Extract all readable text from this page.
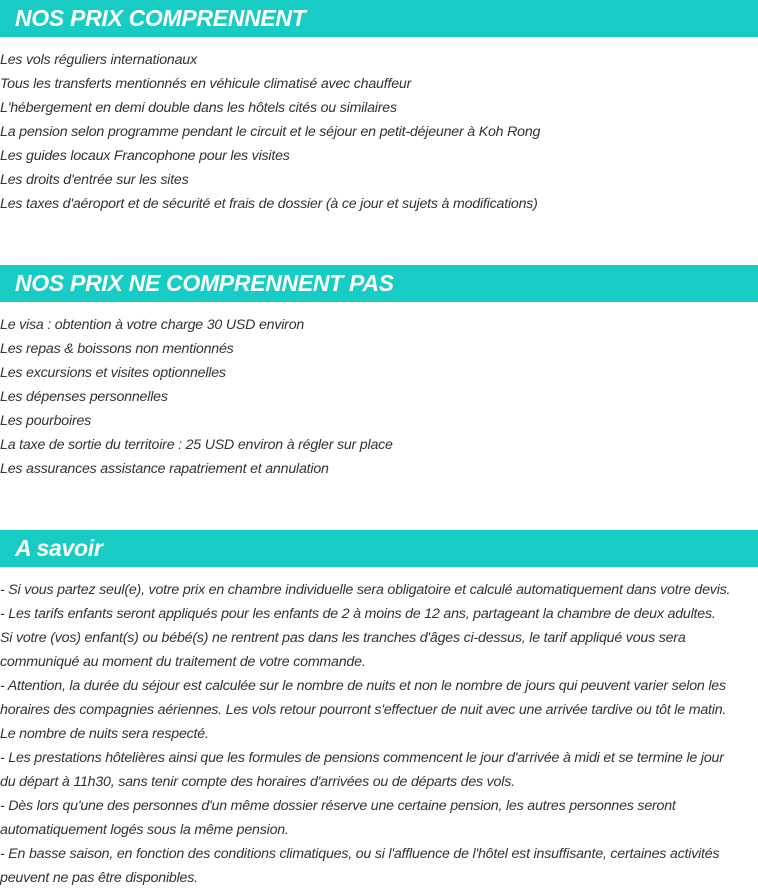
NOS PRIX COMPRENNENT
Les vols réguliers internationaux
Tous les transferts mentionnés en véhicule climatisé avec chauffeur
L'hébergement en demi double dans les hôtels cités ou similaires
La pension selon programme pendant le circuit et le séjour en petit-déjeuner à Koh Rong
Les guides locaux Francophone pour les visites
Les droits d'entrée sur les sites
Les taxes d'aéroport et de sécurité et frais de dossier (à ce jour et sujets à modifications)
NOS PRIX NE COMPRENNENT PAS
Le visa : obtention à votre charge 30 USD environ
Les repas & boissons non mentionnés
Les excursions et visites optionnelles
Les dépenses personnelles
Les pourboires
La taxe de sortie du territoire : 25 USD environ à régler sur place
Les assurances assistance rapatriement et annulation
A savoir

- Si vous partez seul(e), votre prix en chambre individuelle sera obligatoire et calculé automatiquement dans votre devis.

- Les tarifs enfants seront appliqués pour les enfants de 2 à moins de 12 ans, partageant la chambre de deux adultes.

Si votre (vos) enfant(s) ou bébé(s) ne rentrent pas dans les tranches d'âges ci-dessus, le tarif appliqué vous sera

communiqué au moment du traitement de votre commande.

- Attention, la durée du séjour est calculée sur le nombre de nuits et non le nombre de jours qui peuvent varier selon les

horaires des compagnies aériennes. Les vols retour pourront s'effectuer de nuit avec une arrivée tardive ou tôt le matin.

Le nombre de nuits sera respecté.

- Les prestations hôtelières ainsi que les formules de pensions commencent le jour d'arrivée à midi et se termine le jour

du départ à 11h30, sans tenir compte des horaires d'arrivées ou de départs des vols.

- Dès lors qu'une des personnes d'un même dossier réserve une certaine pension, les autres personnes seront

automatiquement logés sous la même pension.

- En basse saison, en fonction des conditions climatiques, ou si l'affluence de l'hôtel est insuffisante, certaines activités

peuvent ne pas être disponibles.
